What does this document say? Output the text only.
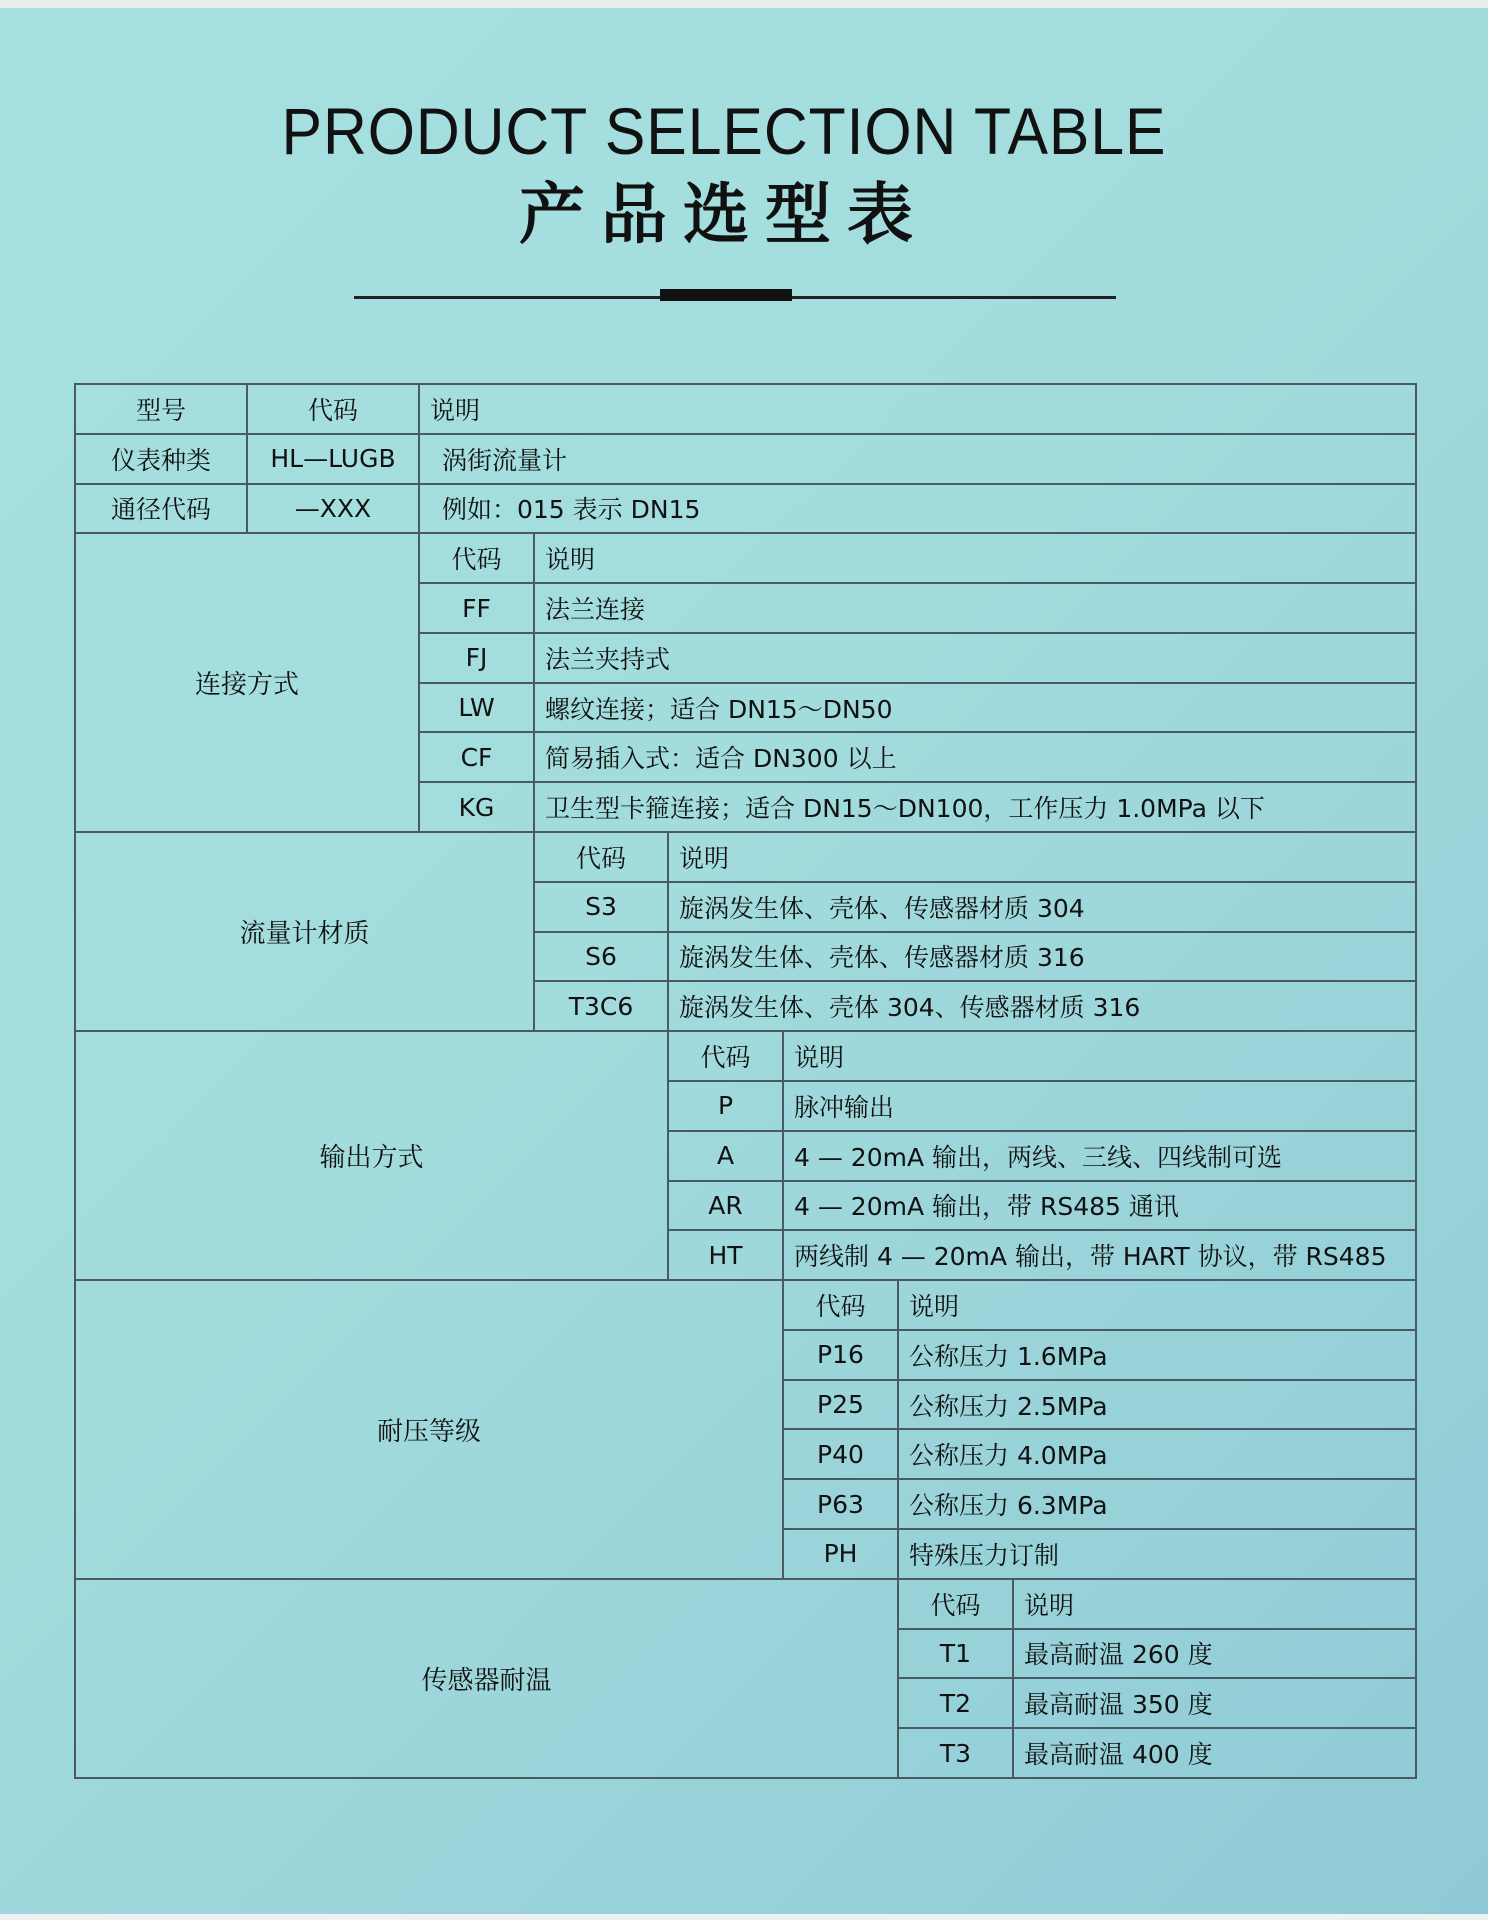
PRODUCT SELECTION TABLE
产品选型表
型号	代码	说明					
仪表种类	HL—LUGB	涡街流量计					
通径代码	—XXX	例如：015 表示 DN15					
连接方式		代码	说明				
		FF	法兰连接				
		FJ	法兰夹持式				
		LW	螺纹连接；适合 DN15～DN50				
		CF	简易插入式：适合 DN300 以上				
		KG	卫生型卡箍连接；适合 DN15～DN100，工作压力 1.0MPa 以下				
流量计材质			代码	说明			
			S3	旋涡发生体、壳体、传感器材质 304			
			S6	旋涡发生体、壳体、传感器材质 316			
			T3C6	旋涡发生体、壳体 304、传感器材质 316			
输出方式				代码	说明		
				P	脉冲输出		
				A	4 — 20mA 输出，两线、三线、四线制可选		
				AR	4 — 20mA 输出，带 RS485 通讯		
				HT	两线制 4 — 20mA 输出，带 HART 协议，带 RS485		
耐压等级					代码	说明	
					P16	公称压力 1.6MPa	
					P25	公称压力 2.5MPa	
					P40	公称压力 4.0MPa	
					P63	公称压力 6.3MPa	
					PH	特殊压力订制	
传感器耐温						代码	说明
						T1	最高耐温 260 度
						T2	最高耐温 350 度
						T3	最高耐温 400 度
